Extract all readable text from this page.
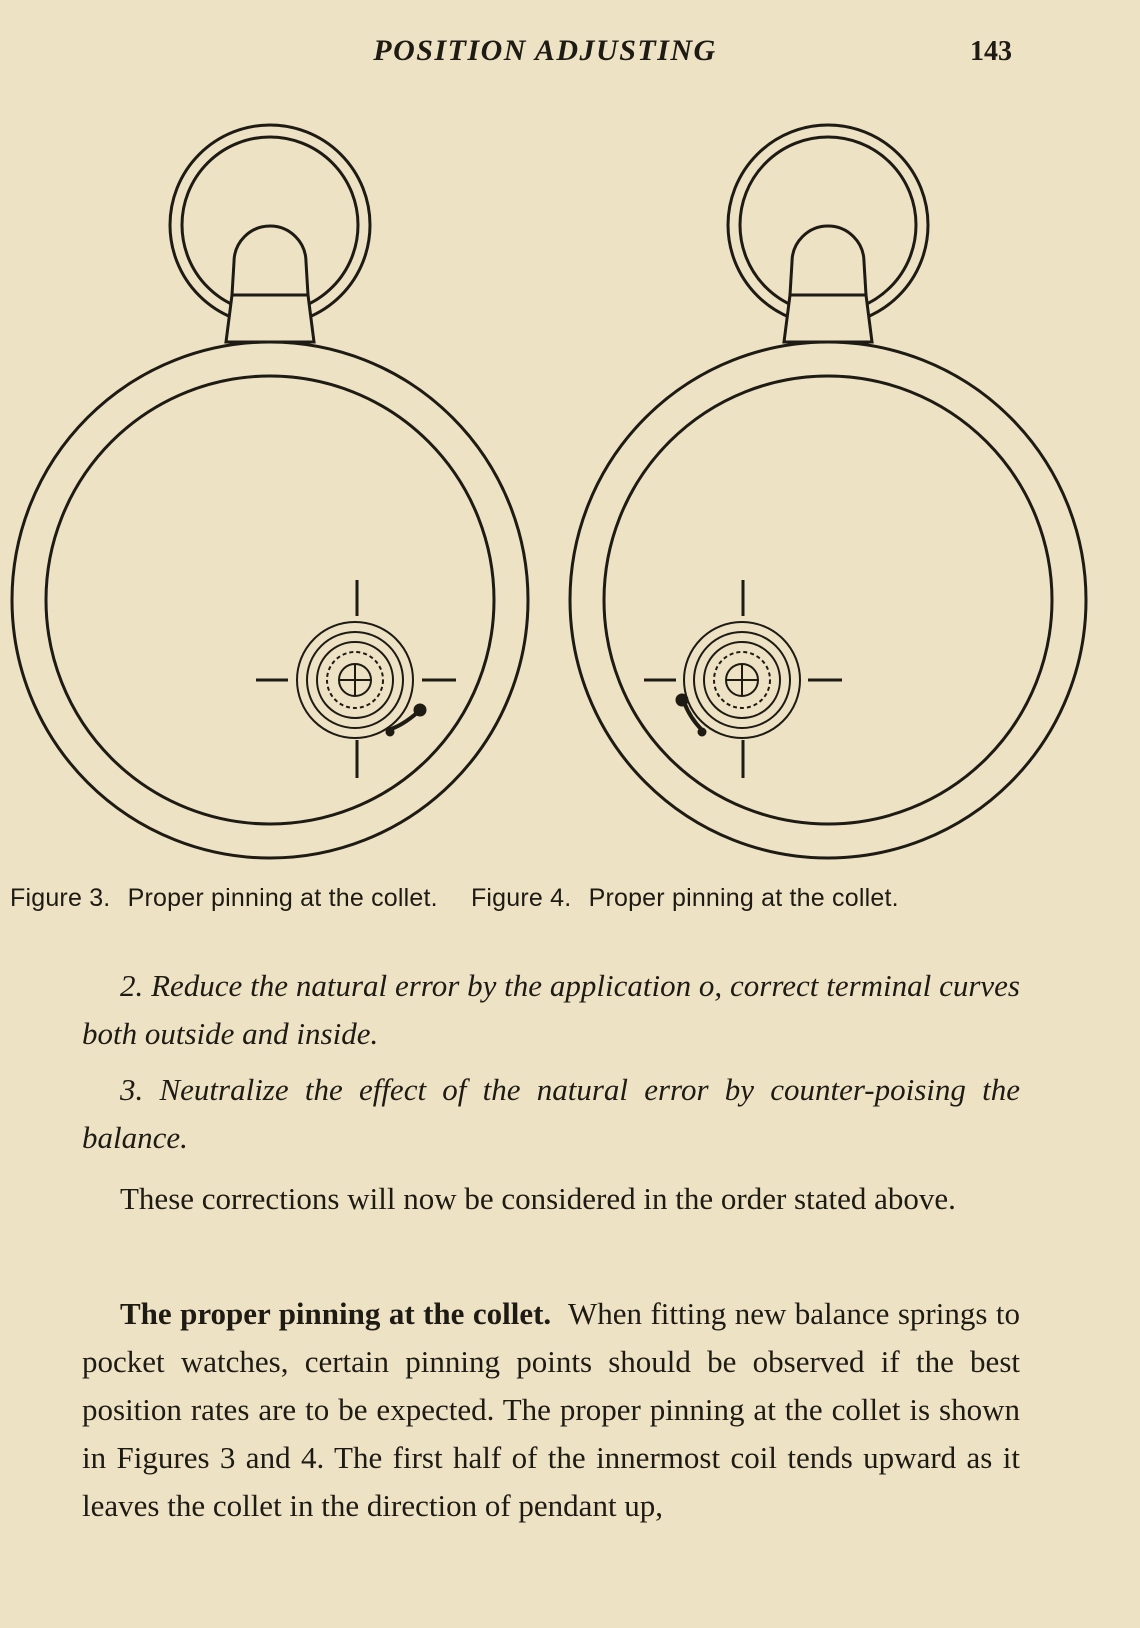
POSITION ADJUSTING	143
Figure 3. Proper pinning at the collet. Figure 4. Proper pinning at the collet.

2. Reduce the natural error by the application o, correct terminal curves both outside and inside.

3. Neutralize the effect of the natural error by counter-poising the balance.

These corrections will now be considered in the order stated above.

The proper pinning at the collet. When fitting new balance springs to pocket watches, certain pinning points should be observed if the best position rates are to be expected. The proper pinning at the collet is shown in Figures 3 and 4. The first half of the innermost coil tends upward as it leaves the collet in the direction of pendant up,
